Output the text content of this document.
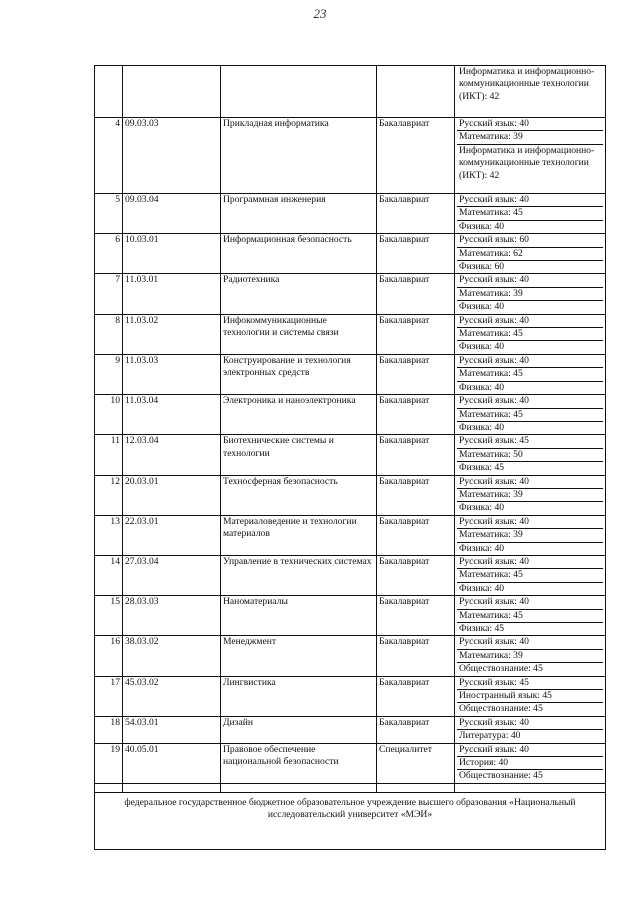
23

				Информатика и информационно-коммуникационные технологии (ИКТ): 42

4	09.03.03	Прикладная информатика	Бакалавриат	Русский язык: 40
Математика: 39
Информатика и информационно-коммуникационные технологии (ИКТ): 42

5	09.03.04	Программная инженерия	Бакалавриат	Русский язык: 40
Математика: 45
Физика: 40

6	10.03.01	Информационная безопасность	Бакалавриат	Русский язык: 60
Математика: 62
Физика: 60

7	11.03.01	Радиотехника	Бакалавриат	Русский язык: 40
Математика: 39
Физика: 40

8	11.03.02	Инфокоммуникационные технологии и системы связи	Бакалавриат	Русский язык: 40
Математика: 45
Физика: 40

9	11.03.03	Конструирование и технология электронных средств	Бакалавриат	Русский язык: 40
Математика: 45
Физика: 40

10	11.03.04	Электроника и наноэлектроника	Бакалавриат	Русский язык: 40
Математика: 45
Физика: 40

11	12.03.04	Биотехнические системы и технологии	Бакалавриат	Русский язык: 45
Математика: 50
Физика: 45

12	20.03.01	Техносферная безопасность	Бакалавриат	Русский язык: 40
Математика: 39
Физика: 40

13	22.03.01	Материаловедение и технологии материалов	Бакалавриат	Русский язык: 40
Математика: 39
Физика: 40

14	27.03.04	Управление в технических системах	Бакалавриат	Русский язык: 40
Математика: 45
Физика: 40

15	28.03.03	Наноматериалы	Бакалавриат	Русский язык: 40
Математика: 45
Физика: 45

16	38.03.02	Менеджмент	Бакалавриат	Русский язык: 40
Математика: 39
Обществознание: 45

17	45.03.02	Лингвистика	Бакалавриат	Русский язык: 45
Иностранный язык: 45
Обществознание: 45

18	54.03.01	Дизайн	Бакалавриат	Русский язык: 40
Литература: 40

19	40.05.01	Правовое обеспечение национальной безопасности	Специалитет	Русский язык: 40
История: 40
Обществознание: 45

федеральное государственное бюджетное образовательное учреждение высшего образования «Национальный исследовательский университет «МЭИ»				
